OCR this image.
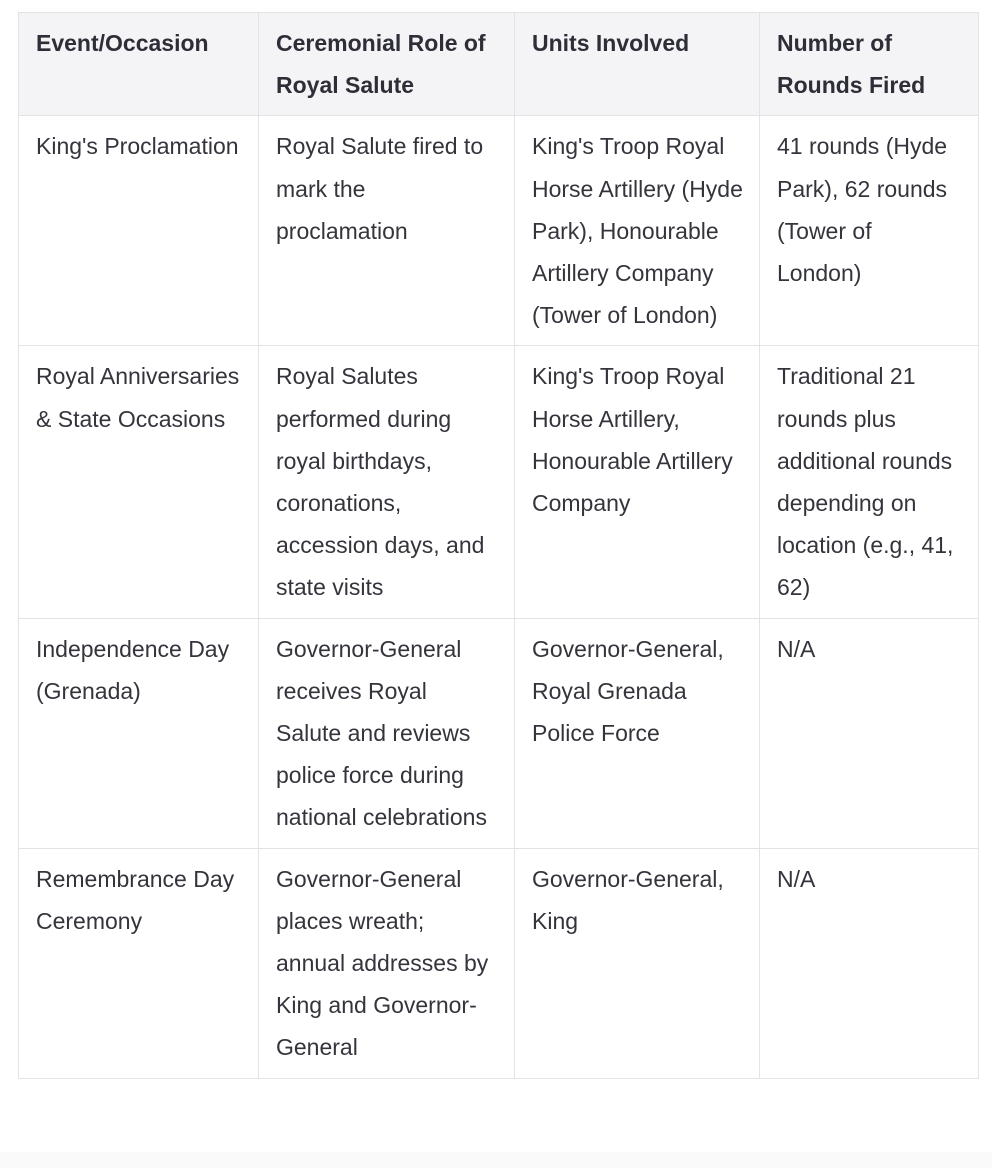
Event/Occasion	Ceremonial Role of Royal Salute	Units Involved	Number of Rounds Fired
King's Proclamation	Royal Salute fired to mark the proclamation	King's Troop Royal Horse Artillery (Hyde Park), Honourable Artillery Company (Tower of London)	41 rounds (Hyde Park), 62 rounds (Tower of London)
Royal Anniversaries & State Occasions	Royal Salutes performed during royal birthdays, coronations, accession days, and state visits	King's Troop Royal Horse Artillery, Honourable Artillery Company	Traditional 21 rounds plus additional rounds depending on location (e.g., 41, 62)
Independence Day (Grenada)	Governor-General receives Royal Salute and reviews police force during national celebrations	Governor-General, Royal Grenada Police Force	N/A
Remembrance Day Ceremony	Governor-General places wreath; annual addresses by King and Governor-General	Governor-General, King	N/A
